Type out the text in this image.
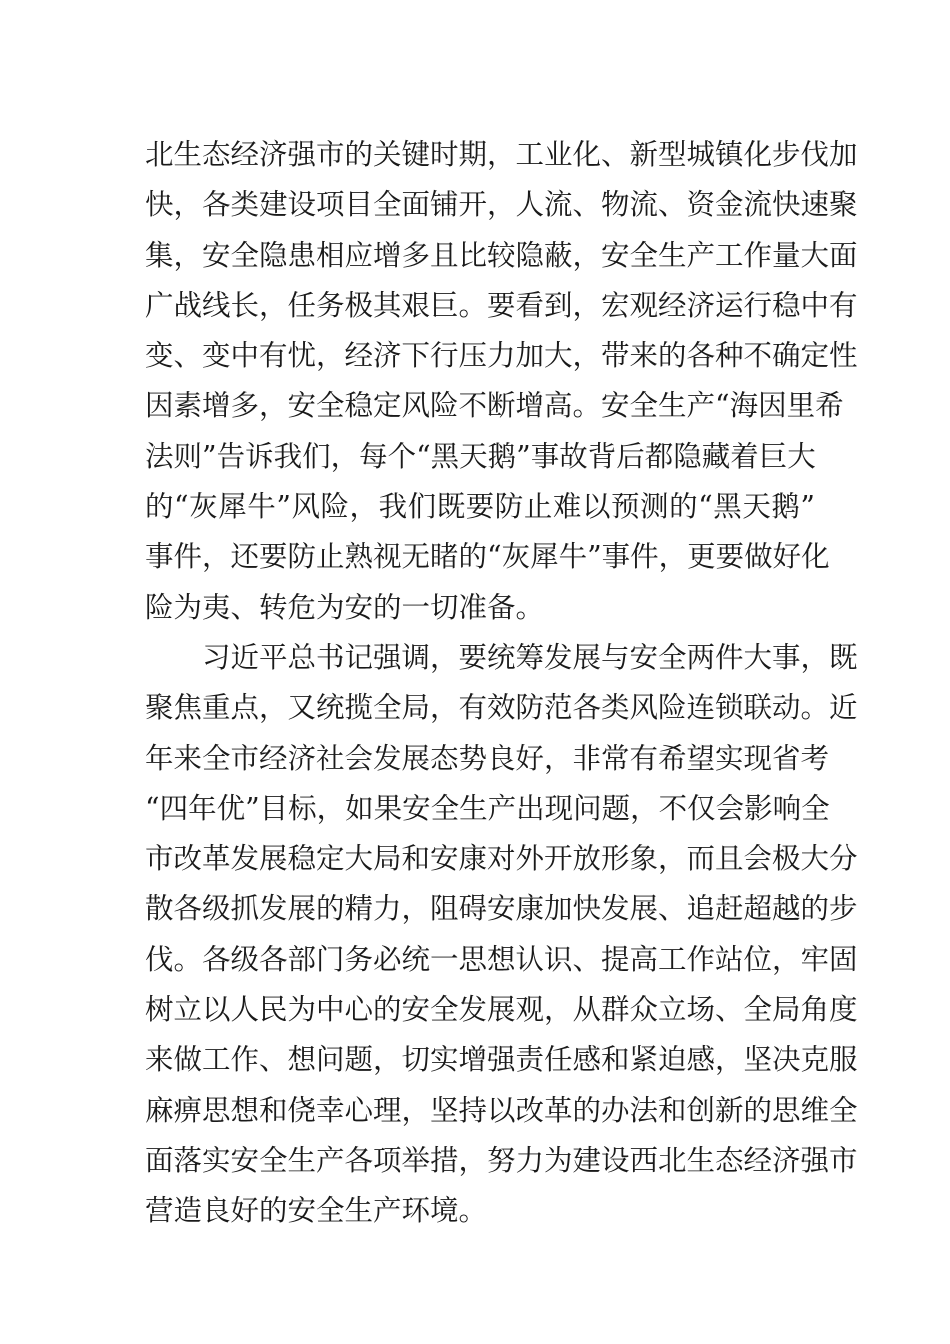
北生态经济强市的关键时期，工业化、新型城镇化步伐加
快，各类建设项目全面铺开，人流、物流、资金流快速聚
集，安全隐患相应增多且比较隐蔽，安全生产工作量大面
广战线长，任务极其艰巨。要看到，宏观经济运行稳中有
变、变中有忧，经济下行压力加大，带来的各种不确定性
因素增多，安全稳定风险不断增高。安全生产“海因里希
法则”告诉我们，每个“黑天鹅”事故背后都隐藏着巨大
的“灰犀牛”风险，我们既要防止难以预测的“黑天鹅”
事件，还要防止熟视无睹的“灰犀牛”事件，更要做好化
险为夷、转危为安的一切准备。
习近平总书记强调，要统筹发展与安全两件大事，既
聚焦重点，又统揽全局，有效防范各类风险连锁联动。近
年来全市经济社会发展态势良好，非常有希望实现省考
“四年优”目标，如果安全生产出现问题，不仅会影响全
市改革发展稳定大局和安康对外开放形象，而且会极大分
散各级抓发展的精力，阻碍安康加快发展、追赶超越的步
伐。各级各部门务必统一思想认识、提高工作站位，牢固
树立以人民为中心的安全发展观，从群众立场、全局角度
来做工作、想问题，切实增强责任感和紧迫感，坚决克服
麻痹思想和侥幸心理，坚持以改革的办法和创新的思维全
面落实安全生产各项举措，努力为建设西北生态经济强市
营造良好的安全生产环境。
